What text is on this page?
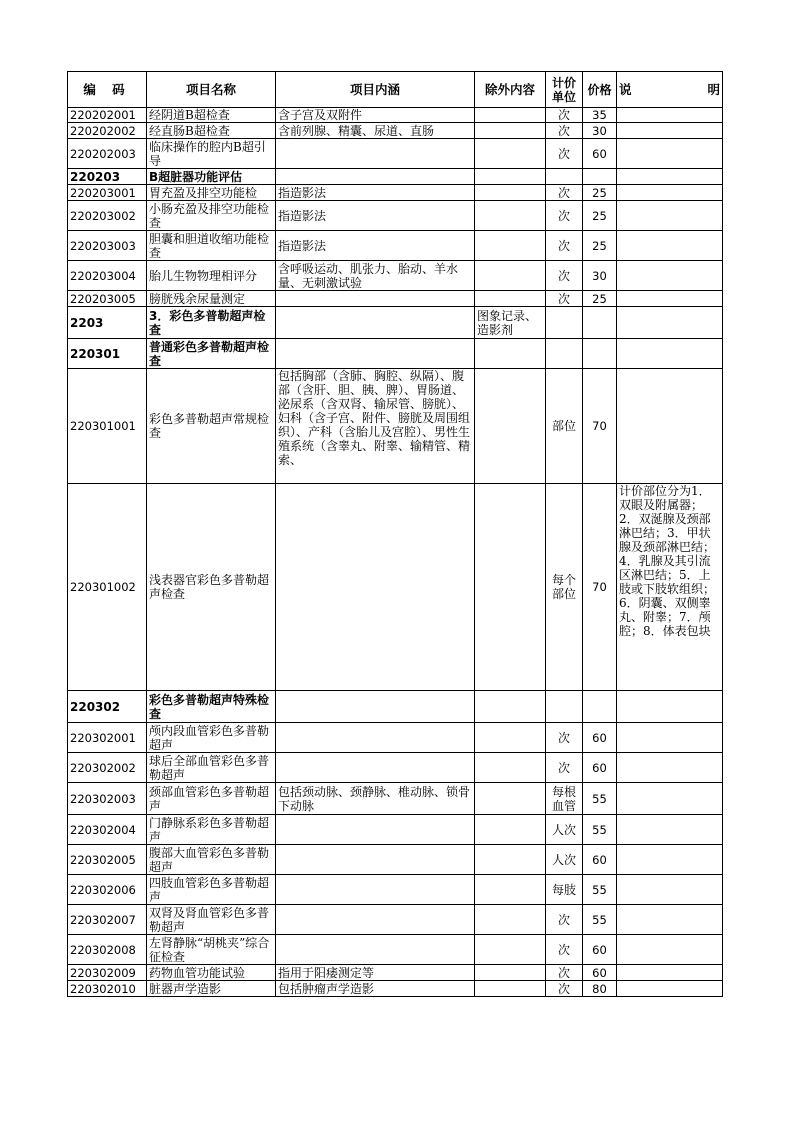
编 码	项目名称	项目内涵	除外内容	计价单位	价格	说 明

220202001	经阴道B超检查	含子宫及双附件		次	35	
220202002	经直肠B超检查	含前列腺、精囊、尿道、直肠		次	30	
220202003	临床操作的腔内B超引导			次	60	
220203	B超脏器功能评估					
220203001	胃充盈及排空功能检	指造影法		次	25	
220203002	小肠充盈及排空功能检查	指造影法		次	25	
220203003	胆囊和胆道收缩功能检查	指造影法		次	25	
220203004	胎儿生物物理相评分	含呼吸运动、肌张力、胎动、羊水量、无刺激试验		次	30	
220203005	膀胱残余尿量测定			次	25	
2203	3．彩色多普勒超声检查		图象记录、造影剂			
220301	普通彩色多普勒超声检查					
220301001	彩色多普勒超声常规检查	包括胸部（含肺、胸腔、纵隔）、腹部（含肝、胆、胰、脾）、胃肠道、泌尿系（含双肾、输尿管、膀胱）、妇科（含子宫、附件、膀胱及周围组织）、产科（含胎儿及宫腔）、男性生殖系统（含睾丸、附睾、输精管、精索、		部位	70	
220301002	浅表器官彩色多普勒超声检查			每个部位	70	计价部位分为1．双眼及附属器；2．双涎腺及颈部淋巴结；3．甲状腺及颈部淋巴结；4．乳腺及其引流区淋巴结；5．上肢或下肢软组织；6．阴囊、双侧睾丸、附睾；7．颅腔；8．体表包块

220302	彩色多普勒超声特殊检查					
220302001	颅内段血管彩色多普勒超声			次	60	
220302002	球后全部血管彩色多普勒超声			次	60	
220302003	颈部血管彩色多普勒超声	包括颈动脉、颈静脉、椎动脉、锁骨下动脉		每根血管	55	
220302004	门静脉系彩色多普勒超声			人次	55	
220302005	腹部大血管彩色多普勒超声			人次	60	
220302006	四肢血管彩色多普勒超声			每肢	55	
220302007	双肾及肾血管彩色多普勒超声			次	55	
220302008	左肾静脉“胡桃夹”综合征检查			次	60	
220302009	药物血管功能试验	指用于阳痿测定等		次	60	
220302010	脏器声学造影	包括肿瘤声学造影		次	80	
